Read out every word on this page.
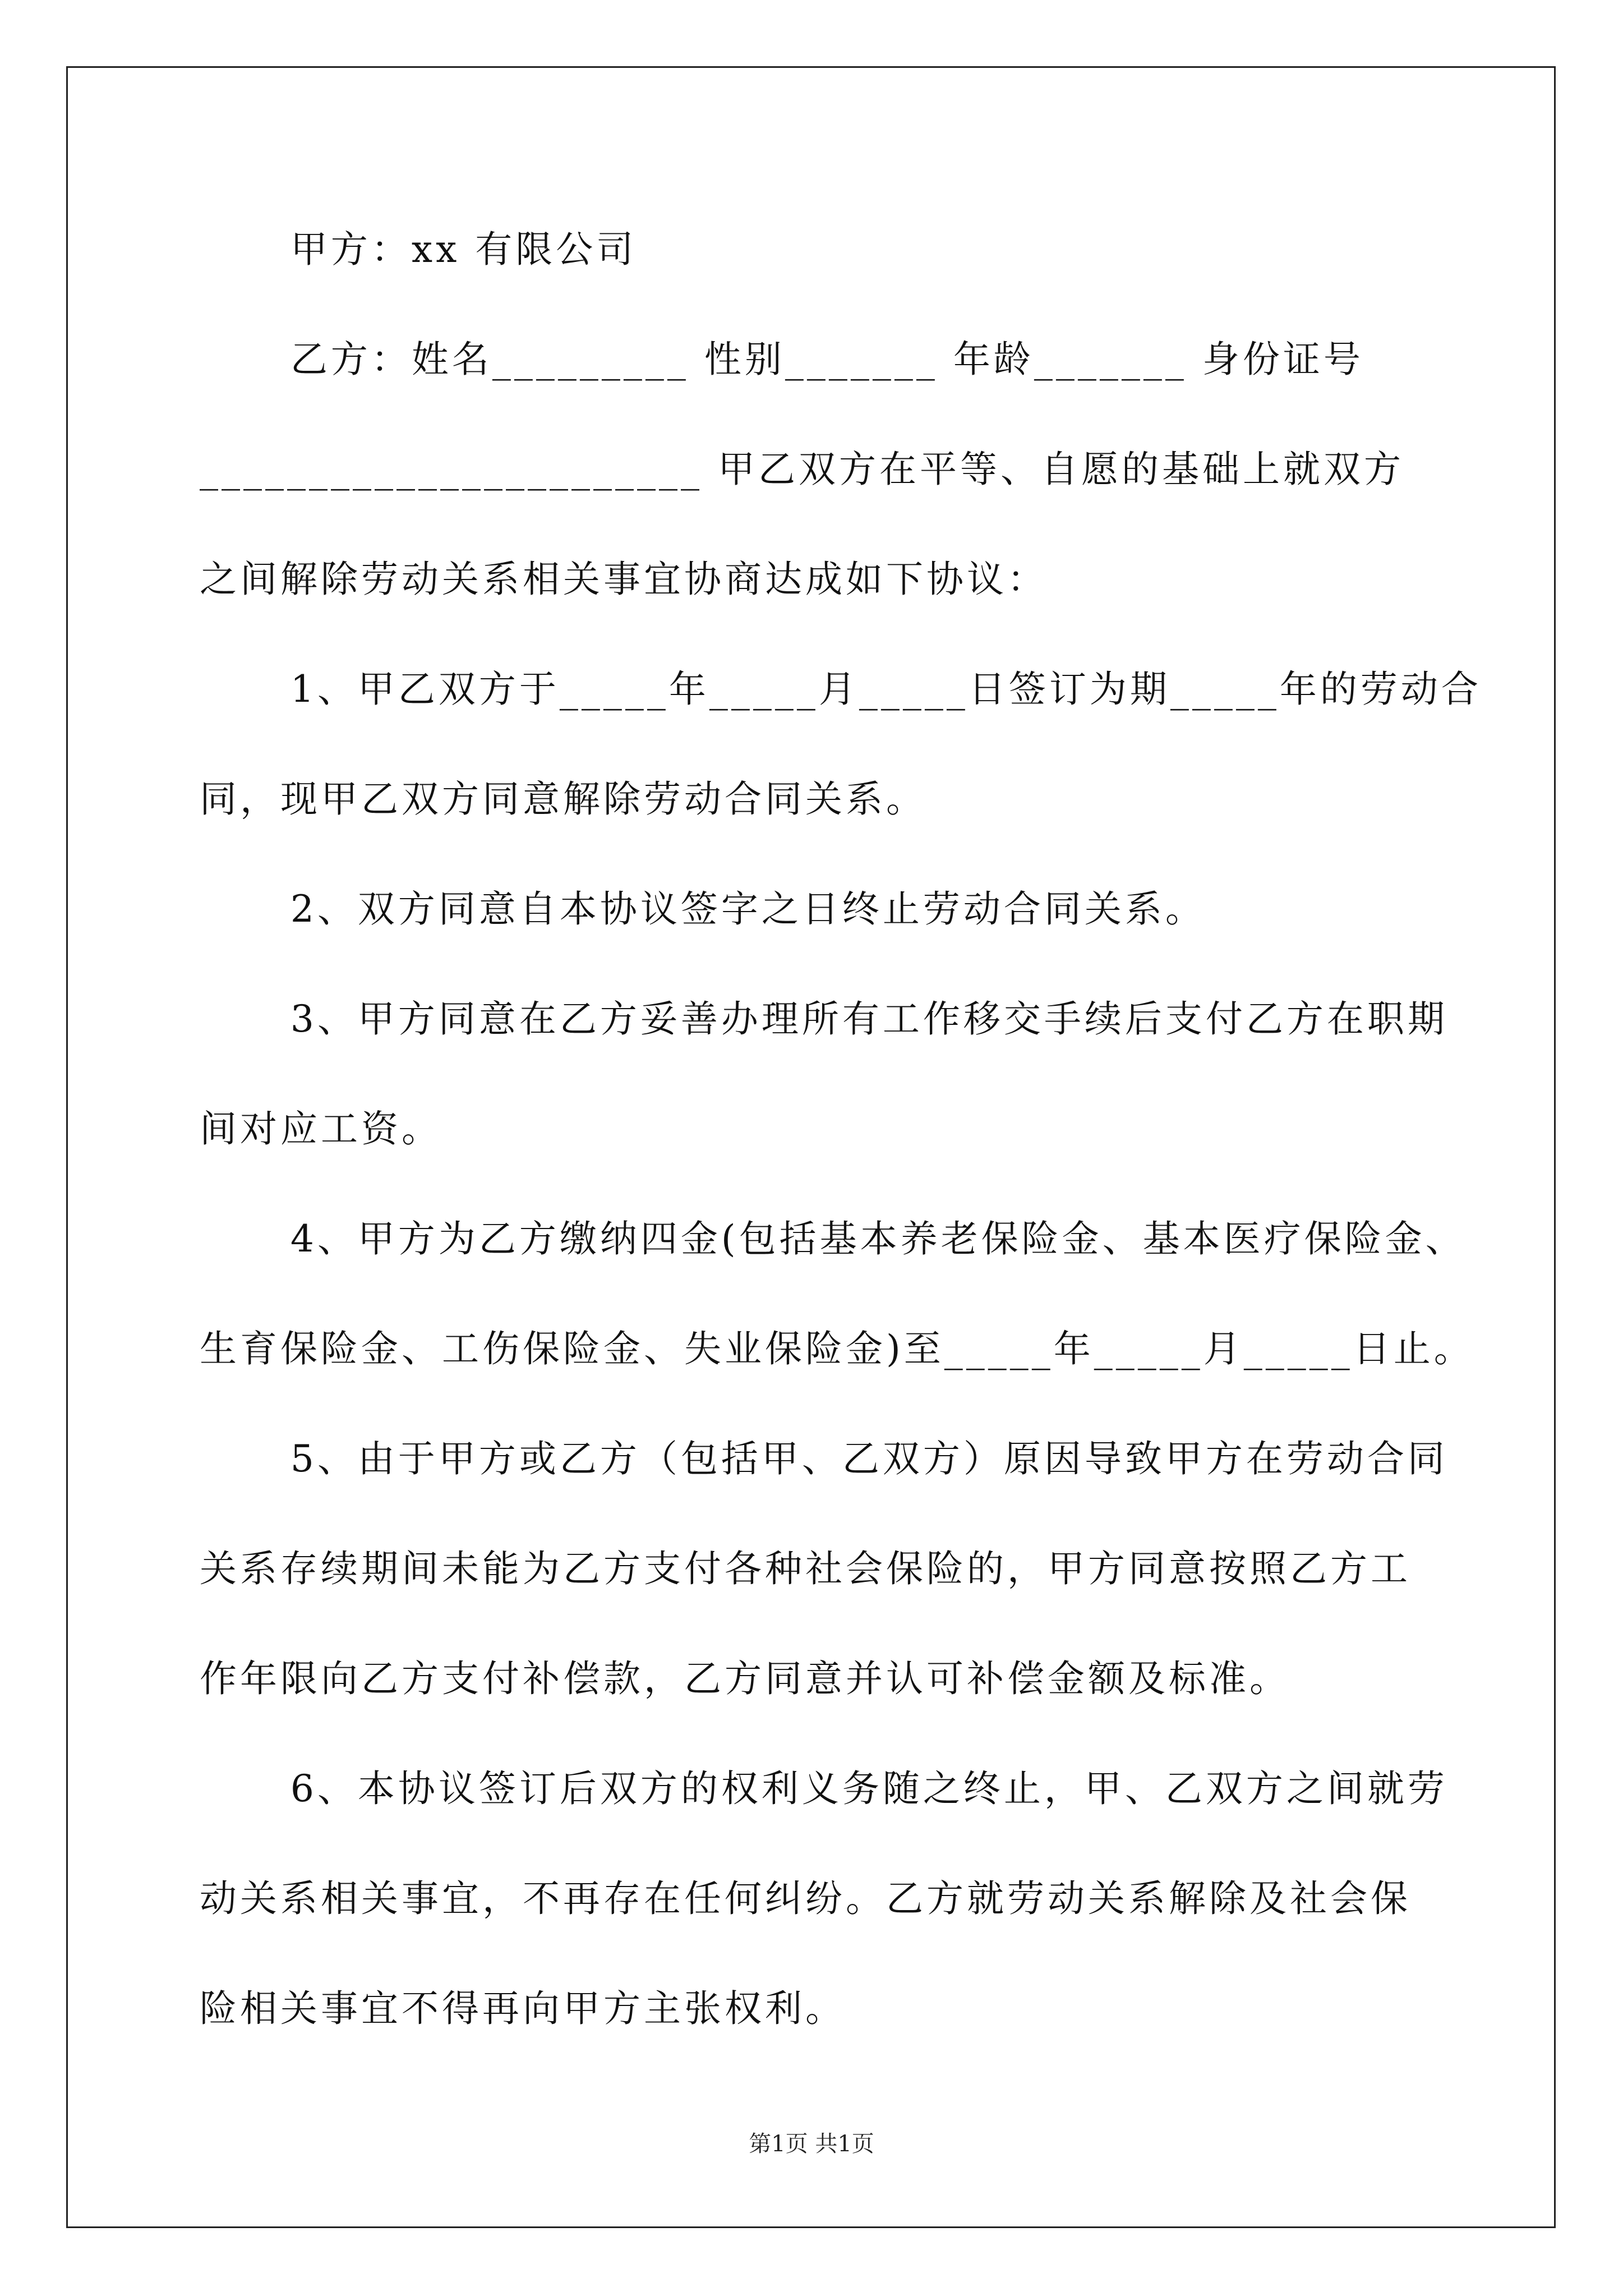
甲方：xx 有限公司
乙方：姓名_________ 性别_______ 年龄_______ 身份证号
_______________________ 甲乙双方在平等、自愿的基础上就双方
之间解除劳动关系相关事宜协商达成如下协议：
1、甲乙双方于_____年_____月_____日签订为期_____年的劳动合
同，现甲乙双方同意解除劳动合同关系。
2、双方同意自本协议签字之日终止劳动合同关系。
3、甲方同意在乙方妥善办理所有工作移交手续后支付乙方在职期
间对应工资。
4、甲方为乙方缴纳四金(包括基本养老保险金、基本医疗保险金、
生育保险金、工伤保险金、失业保险金)至_____年_____月_____日止。
5、由于甲方或乙方（包括甲、乙双方）原因导致甲方在劳动合同
关系存续期间未能为乙方支付各种社会保险的，甲方同意按照乙方工
作年限向乙方支付补偿款，乙方同意并认可补偿金额及标准。
6、本协议签订后双方的权利义务随之终止，甲、乙双方之间就劳
动关系相关事宜，不再存在任何纠纷。乙方就劳动关系解除及社会保
险相关事宜不得再向甲方主张权利。
第1页 共1页
